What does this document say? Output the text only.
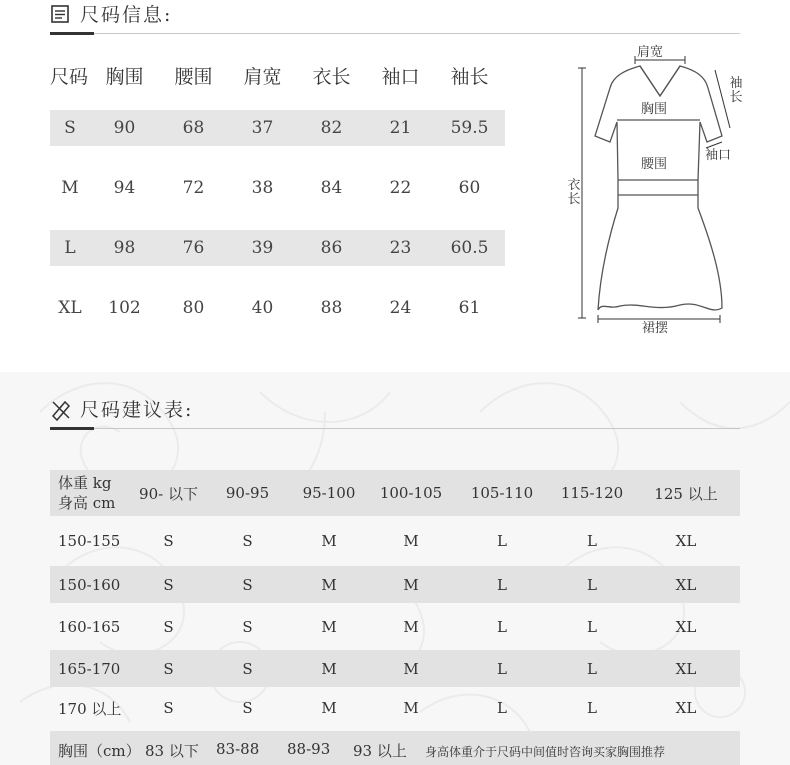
尺码信息:
尺码 胸围	腰围	肩宽	衣长	袖口	袖长
S	90	68	37	82	21	59.5
M	94	72	38	84	22	60
L	98	76	39	86	23	60.5
XL	102	80	40	88	24	61
肩宽
袖长
胸围
袖口
腰围
衣长
裙摆
尺码建议表:
体重 kg
身高 cm
90- 以下	90-95	95-100	100-105	105-110	115-120	125 以上
150-155	S	S	M	M	L	L	XL
150-160	S	S	M	M	L	L	XL
160-165	S	S	M	M	L	L	XL
165-170	S	S	M	M	L	L	XL
170 以上	S	S	M	M	L	L	XL
胸围（cm） 83 以下 83-88 88-93 93 以上 身高体重介于尺码中间值时咨询买家胸围推荐
